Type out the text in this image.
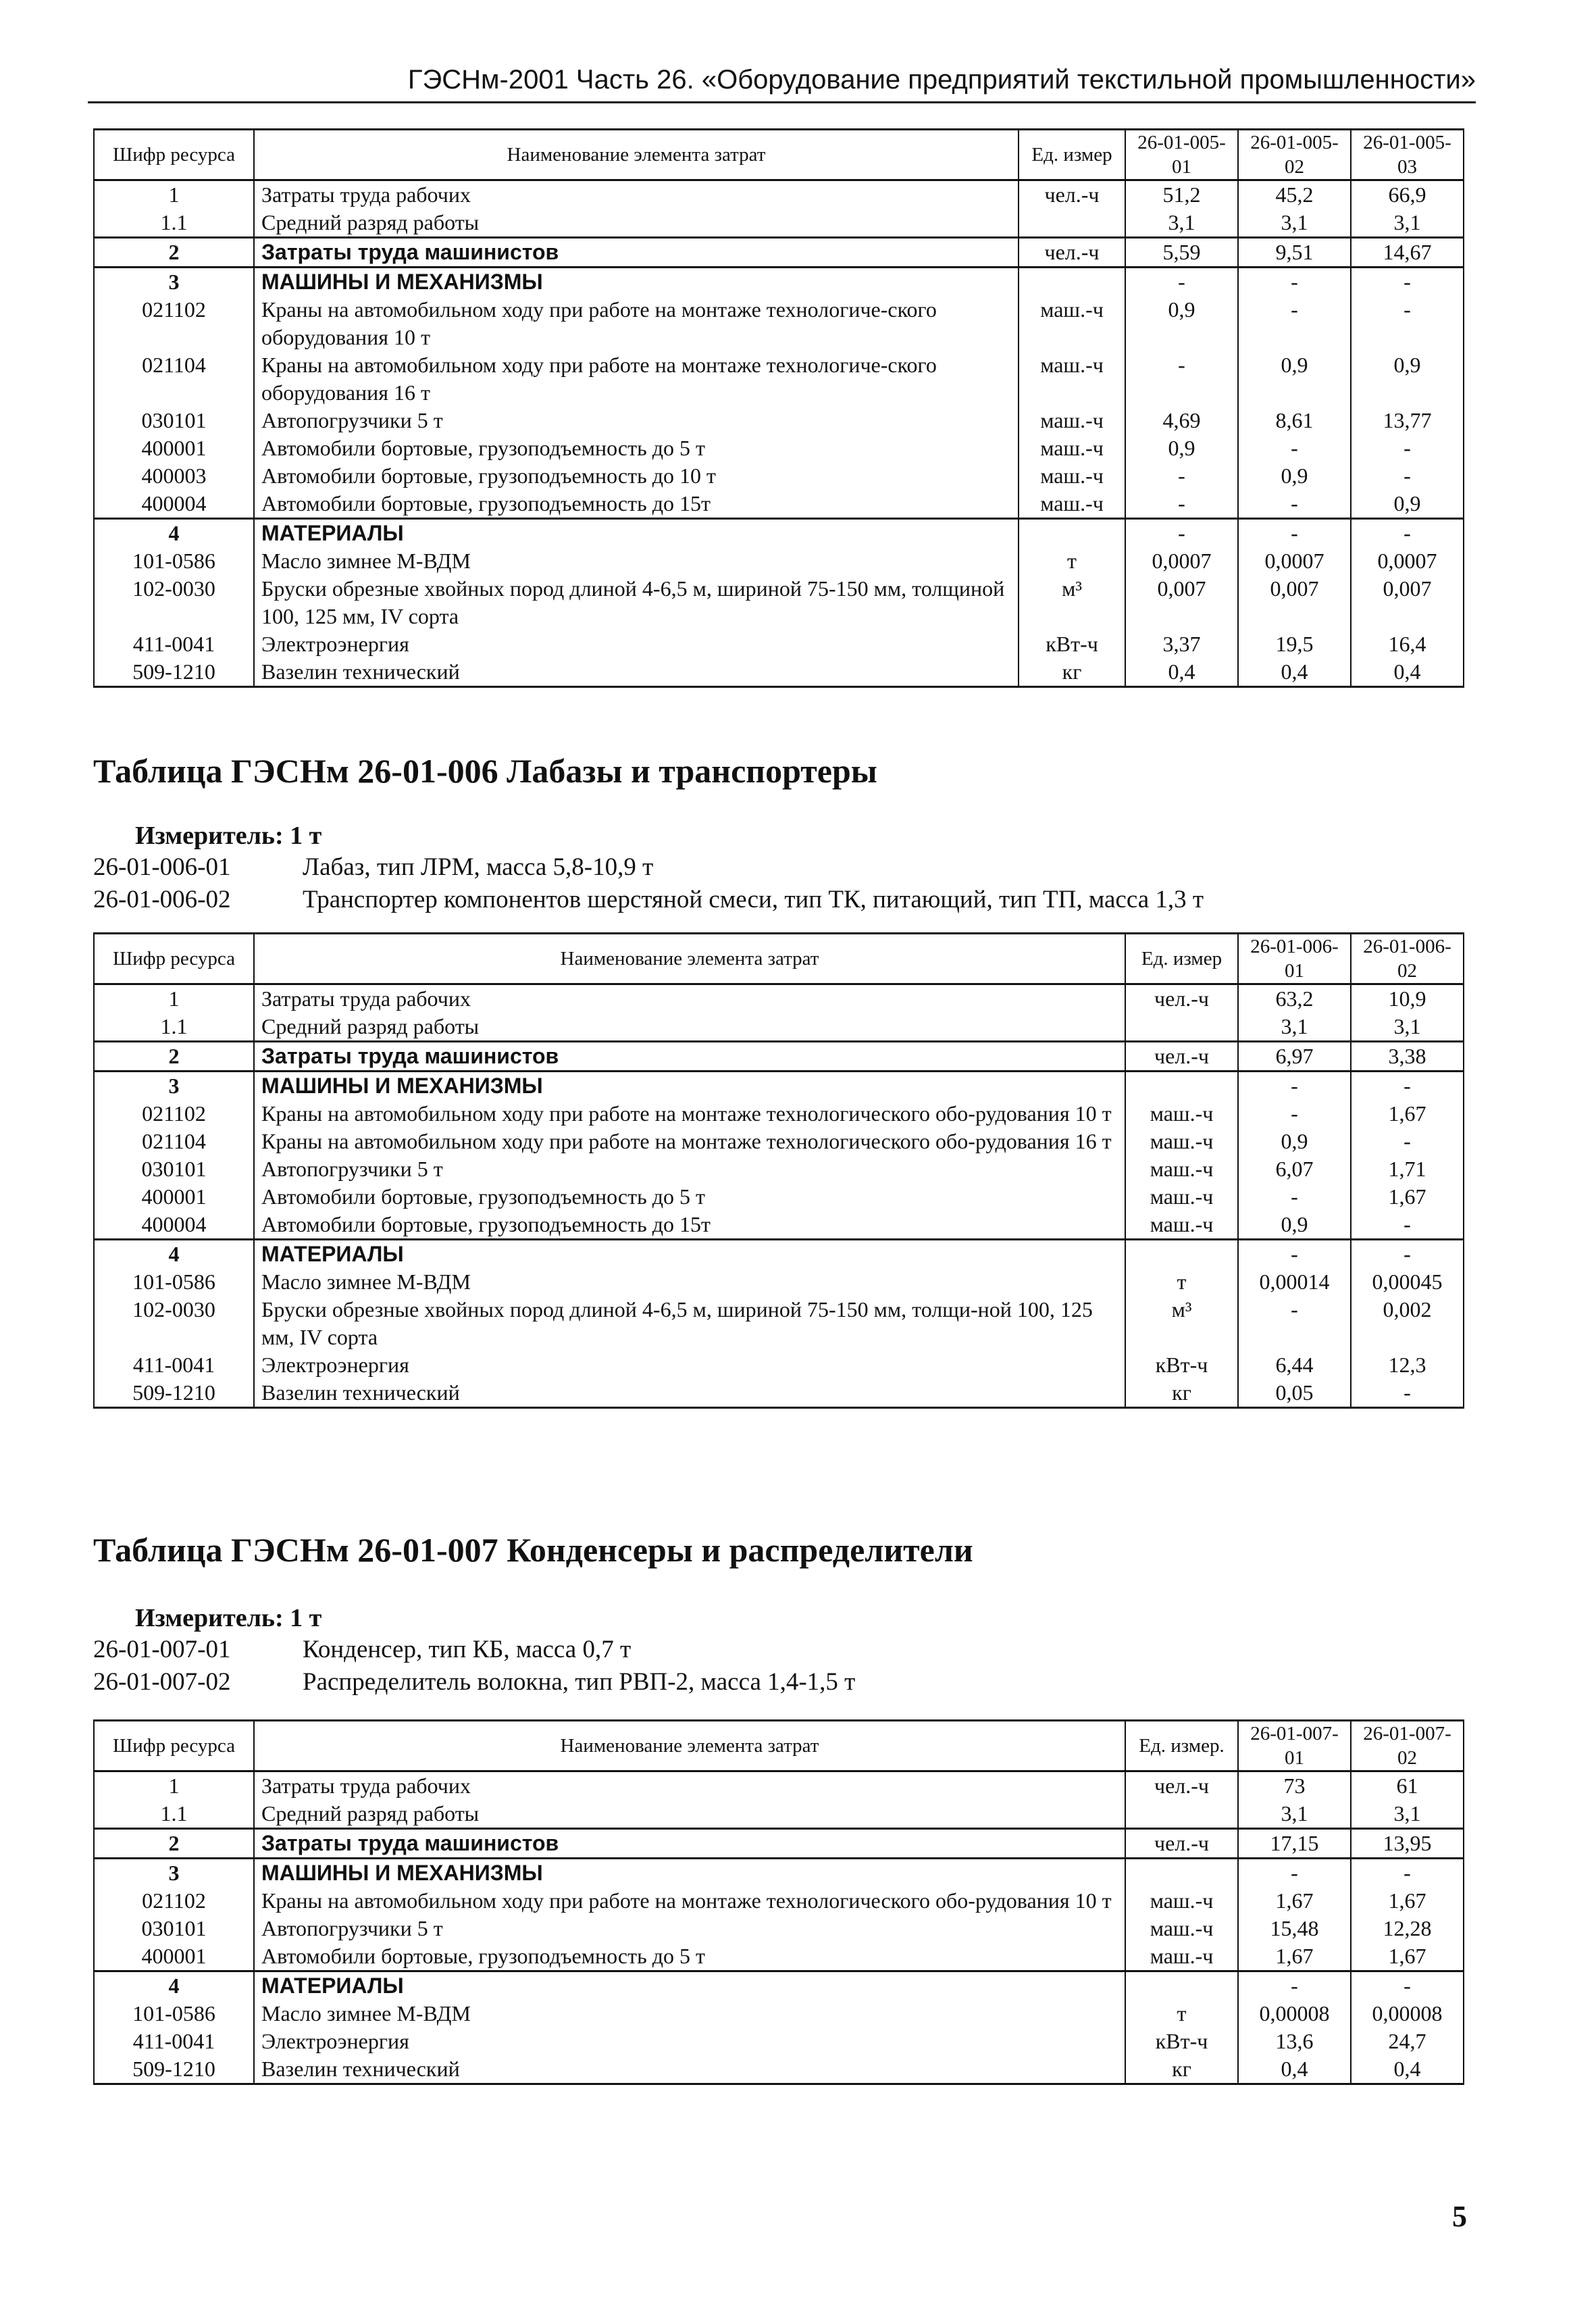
ГЭСНм-2001 Часть 26. «Оборудование предприятий текстильной промышленности»
Шифр ресурса	Наименование элемента затрат	Ед. измер	26-01-005-01	26-01-005-02	26-01-005-03
1	Затраты труда рабочих	чел.-ч	51,2	45,2	66,9
1.1	Средний разряд работы		3,1	3,1	3,1
2	Затраты труда машинистов	чел.-ч	5,59	9,51	14,67
3	МАШИНЫ И МЕХАНИЗМЫ		-	-	-
021102	Краны на автомобильном ходу при работе на монтаже технологиче-ского оборудования 10 т	маш.-ч	0,9	-	-
021104	Краны на автомобильном ходу при работе на монтаже технологиче-ского оборудования 16 т	маш.-ч	-	0,9	0,9
030101	Автопогрузчики 5 т	маш.-ч	4,69	8,61	13,77
400001	Автомобили бортовые, грузоподъемность до 5 т	маш.-ч	0,9	-	-
400003	Автомобили бортовые, грузоподъемность до 10 т	маш.-ч	-	0,9	-
400004	Автомобили бортовые, грузоподъемность до 15т	маш.-ч	-	-	0,9
4	МАТЕРИАЛЫ		-	-	-
101-0586	Масло зимнее М-ВДМ	т	0,0007	0,0007	0,0007
102-0030	Бруски обрезные хвойных пород длиной 4-6,5 м, шириной 75-150 мм, толщиной 100, 125 мм, IV сорта	м³	0,007	0,007	0,007
411-0041	Электроэнергия	кВт-ч	3,37	19,5	16,4
509-1210	Вазелин технический	кг	0,4	0,4	0,4
Таблица ГЭСНм 26-01-006 Лабазы и транспортеры
Измеритель: 1 т
26-01-006-01	Лабаз, тип ЛРМ, масса 5,8-10,9 т
26-01-006-02	Транспортер компонентов шерстяной смеси, тип ТК, питающий, тип ТП, масса 1,3 т
Шифр ресурса	Наименование элемента затрат	Ед. измер	26-01-006-01	26-01-006-02
1	Затраты труда рабочих	чел.-ч	63,2	10,9
1.1	Средний разряд работы		3,1	3,1
2	Затраты труда машинистов	чел.-ч	6,97	3,38
3	МАШИНЫ И МЕХАНИЗМЫ		-	-
021102	Краны на автомобильном ходу при работе на монтаже технологического обо-рудования 10 т	маш.-ч	-	1,67
021104	Краны на автомобильном ходу при работе на монтаже технологического обо-рудования 16 т	маш.-ч	0,9	-
030101	Автопогрузчики 5 т	маш.-ч	6,07	1,71
400001	Автомобили бортовые, грузоподъемность до 5 т	маш.-ч	-	1,67
400004	Автомобили бортовые, грузоподъемность до 15т	маш.-ч	0,9	-
4	МАТЕРИАЛЫ		-	-
101-0586	Масло зимнее М-ВДМ	т	0,00014	0,00045
102-0030	Бруски обрезные хвойных пород длиной 4-6,5 м, шириной 75-150 мм, толщи-ной 100, 125 мм, IV сорта	м³	-	0,002
411-0041	Электроэнергия	кВт-ч	6,44	12,3
509-1210	Вазелин технический	кг	0,05	-
Таблица ГЭСНм 26-01-007 Конденсеры и распределители
Измеритель: 1 т
26-01-007-01	Конденсер, тип КБ, масса 0,7 т
26-01-007-02	Распределитель волокна, тип РВП-2, масса 1,4-1,5 т
Шифр ресурса	Наименование элемента затрат	Ед. измер.	26-01-007-01	26-01-007-02
1	Затраты труда рабочих	чел.-ч	73	61
1.1	Средний разряд работы		3,1	3,1
2	Затраты труда машинистов	чел.-ч	17,15	13,95
3	МАШИНЫ И МЕХАНИЗМЫ		-	-
021102	Краны на автомобильном ходу при работе на монтаже технологического обо-рудования 10 т	маш.-ч	1,67	1,67
030101	Автопогрузчики 5 т	маш.-ч	15,48	12,28
400001	Автомобили бортовые, грузоподъемность до 5 т	маш.-ч	1,67	1,67
4	МАТЕРИАЛЫ		-	-
101-0586	Масло зимнее М-ВДМ	т	0,00008	0,00008
411-0041	Электроэнергия	кВт-ч	13,6	24,7
509-1210	Вазелин технический	кг	0,4	0,4
5
